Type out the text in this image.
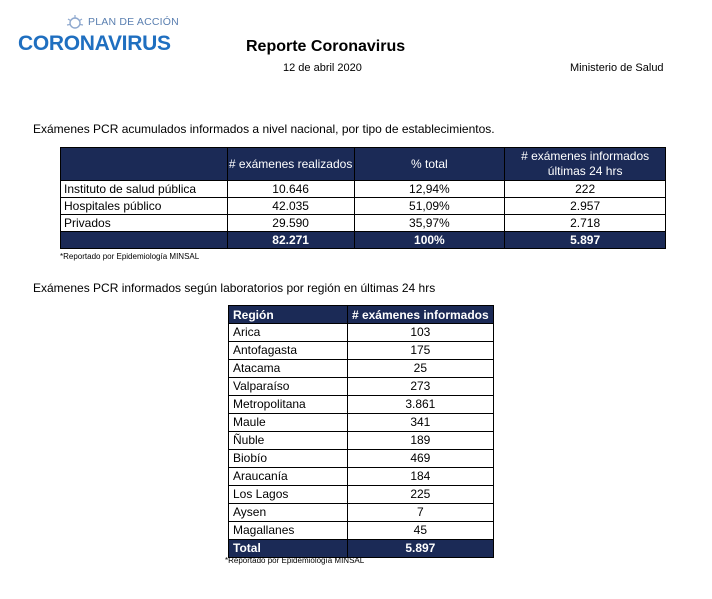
PLAN DE ACCIÓN
CORONAVIRUS	Reporte Coronavirus
12 de abril 2020	Ministerio de Salud
Exámenes PCR acumulados informados a nivel nacional, por tipo de establecimientos.
	# exámenes realizados	% total	# exámenes informados últimas 24 hrs
Instituto de salud pública	10.646	12,94%	222
Hospitales público	42.035	51,09%	2.957
Privados	29.590	35,97%	2.718
	82.271	100%	5.897
*Reportado por Epidemiología MINSAL
Exámenes PCR informados según laboratorios por región en últimas 24 hrs
Región	# exámenes informados
Arica	103
Antofagasta	175
Atacama	25
Valparaíso	273
Metropolitana	3.861
Maule	341
Ñuble	189
Biobío	469
Araucanía	184
Los Lagos	225
Aysen	7
Magallanes	45
Total	5.897
*Reportado por Epidemiología MINSAL
